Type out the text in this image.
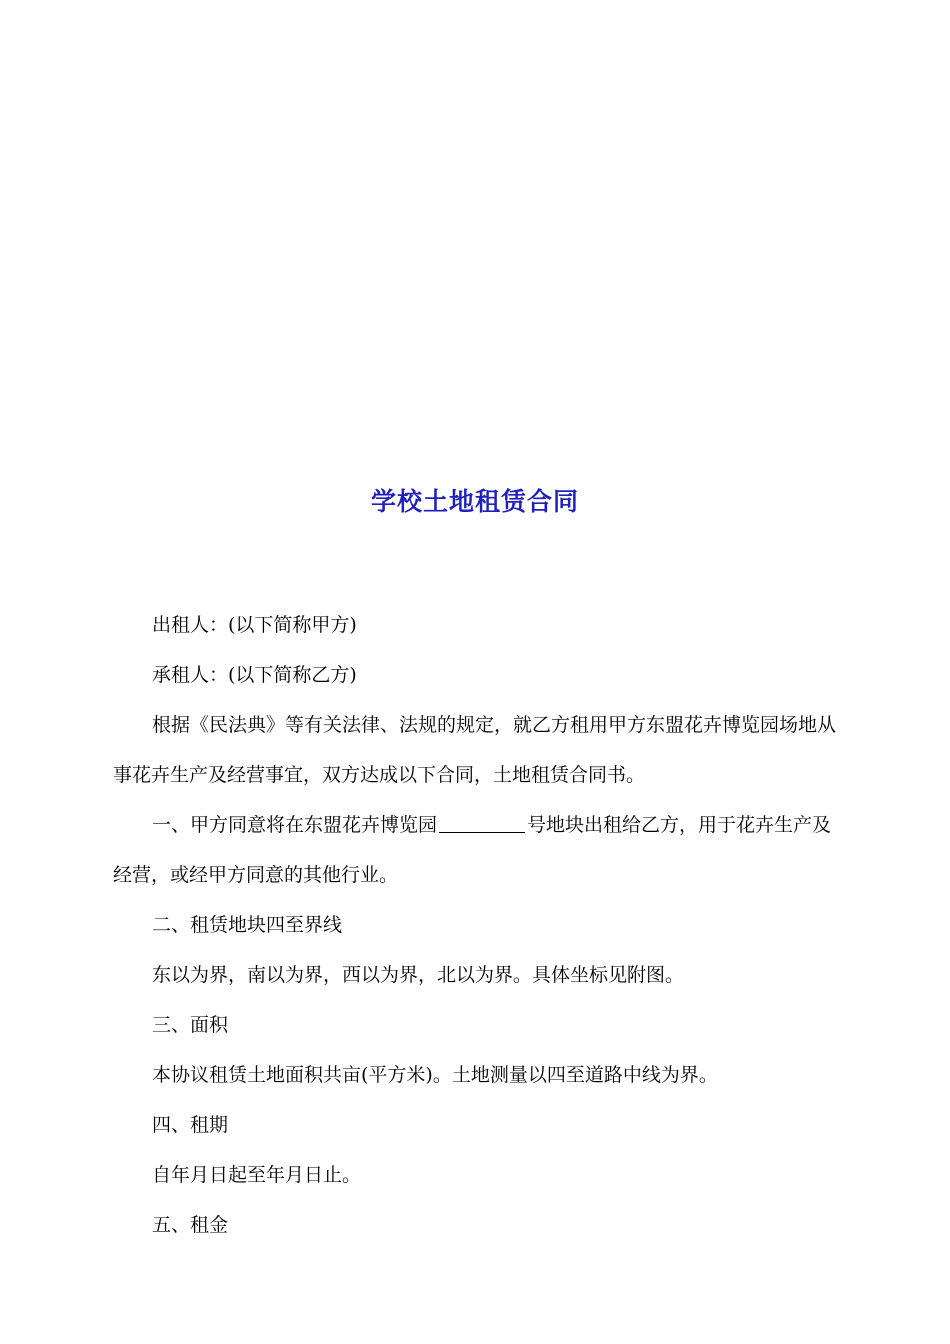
学校土地租赁合同

出租人：(以下简称甲方)

承租人：(以下简称乙方)

根据《民法典》等有关法律、法规的规定，就乙方租用甲方东盟花卉博览园场地从事花卉生产及经营事宜，双方达成以下合同，土地租赁合同书。

一、甲方同意将在东盟花卉博览园	号地块出租给乙方，用于花卉生产及经营，或经甲方同意的其他行业。

二、租赁地块四至界线

东以为界，南以为界，西以为界，北以为界。具体坐标见附图。

三、面积

本协议租赁土地面积共亩(平方米)。土地测量以四至道路中线为界。

四、租期

自年月日起至年月日止。

五、租金
